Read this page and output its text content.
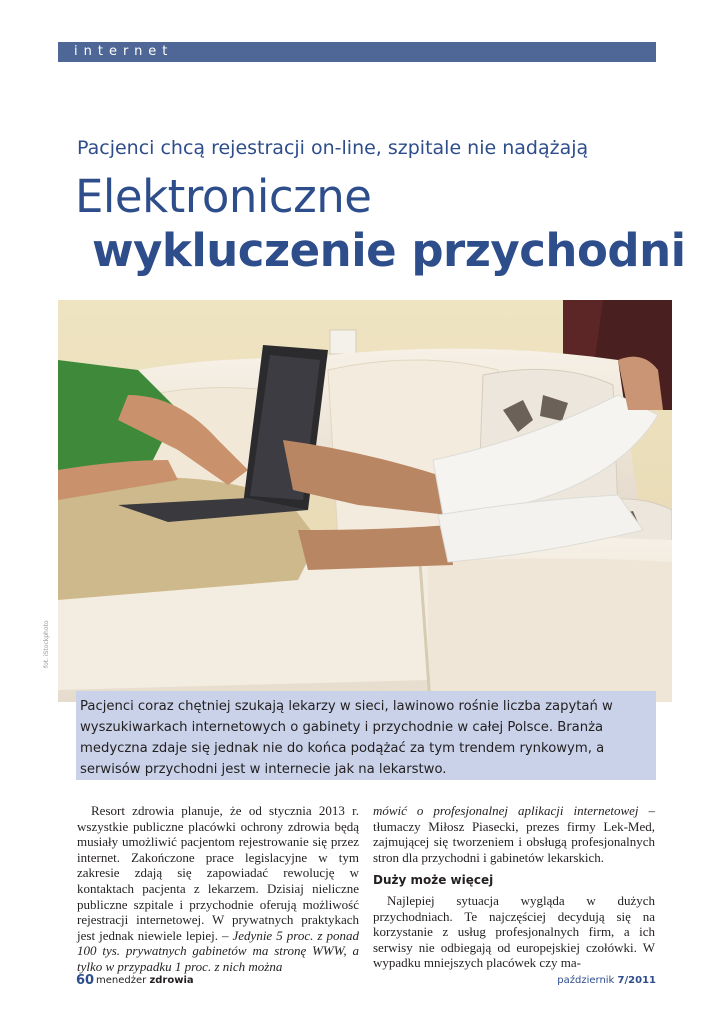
internet
Pacjenci chcą rejestracji on-line, szpitale nie nadążają
Elektroniczne
wykluczenie przychodni
fot. iStockphoto
Pacjenci coraz chętniej szukają lekarzy w sieci, lawinowo rośnie liczba zapytań w wyszukiwarkach internetowych o gabinety i przychodnie w całej Polsce. Branża medyczna zdaje się jednak nie do końca podążać za tym trendem rynkowym, a serwisów przychodni jest w internecie jak na lekarstwo.

Resort zdrowia planuje, że od stycznia 2013 r. wszystkie publiczne placówki ochrony zdrowia będą musiały umożliwić pacjentom rejestrowanie się przez internet. Zakończone prace legislacyjne w tym zakresie zdają się zapowiadać rewolucję w kontaktach pacjenta z lekarzem. Dzisiaj nieliczne publiczne szpitale i przychodnie oferują możliwość rejestracji internetowej. W prywatnych praktykach jest jednak niewiele lepiej. – Jedynie 5 proc. z ponad 100 tys. prywatnych gabinetów ma stronę WWW, a tylko w przypadku 1 proc. z nich można

mówić o profesjonalnej aplikacji internetowej – tłumaczy Miłosz Piasecki, prezes firmy Lek-Med, zajmującej się tworzeniem i obsługą profesjonalnych stron dla przychodni i gabinetów lekarskich.

Duży może więcej

Najlepiej sytuacja wygląda w dużych przychodniach. Te najczęściej decydują się na korzystanie z usług profesjonalnych firm, a ich serwisy nie odbiegają od europejskiej czołówki. W wypadku mniejszych placówek czy ma-

60 menedżer zdrowia	październik 7/2011
